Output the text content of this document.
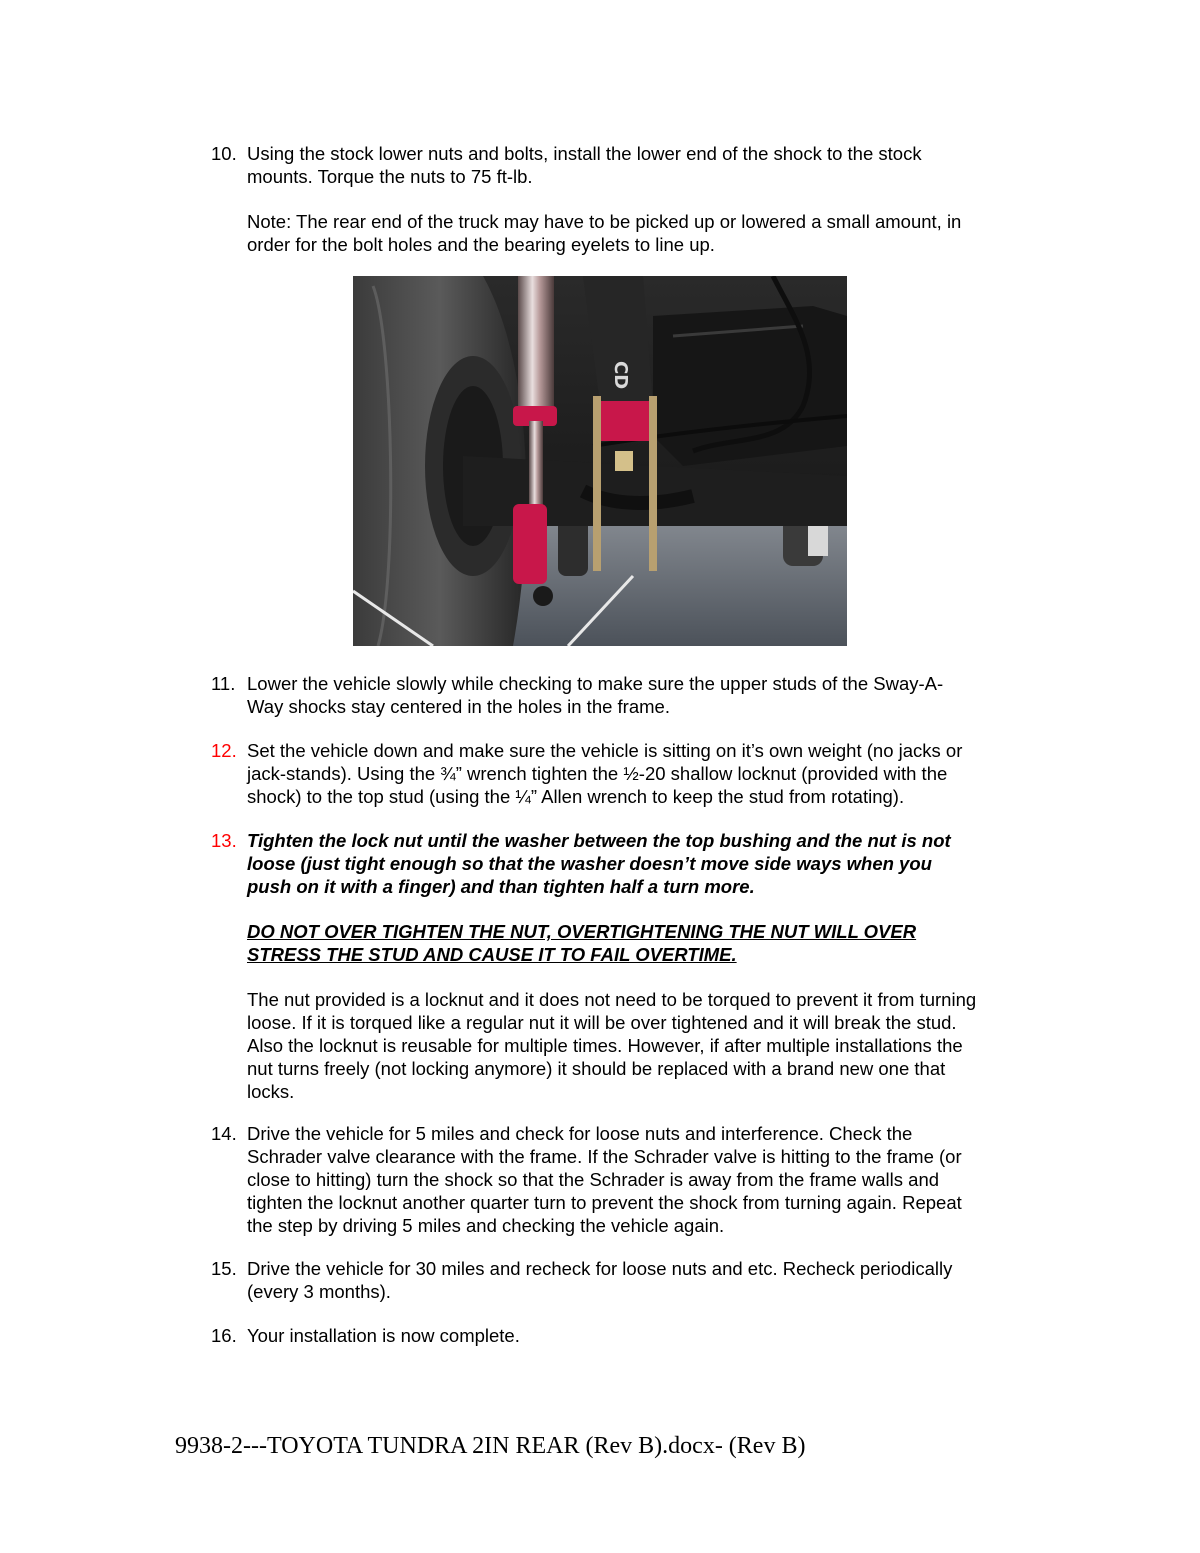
10. Using the stock lower nuts and bolts, install the lower end of the shock to the stock

mounts. Torque the nuts to 75 ft-lb.

Note: The rear end of the truck may have to be picked up or lowered a small amount, in

order for the bolt holes and the bearing eyelets to line up.

CD
11. Lower the vehicle slowly while checking to make sure the upper studs of the Sway-A-

Way shocks stay centered in the holes in the frame.

12. Set the vehicle down and make sure the vehicle is sitting on it’s own weight (no jacks or

jack-stands). Using the ¾” wrench tighten the ½-20 shallow locknut (provided with the

shock) to the top stud (using the ¼” Allen wrench to keep the stud from rotating).

13. Tighten the lock nut until the washer between the top bushing and the nut is not

loose (just tight enough so that the washer doesn’t move side ways when you

push on it with a finger) and than tighten half a turn more.

DO NOT OVER TIGHTEN THE NUT, OVERTIGHTENING THE NUT WILL OVER

STRESS THE STUD AND CAUSE IT TO FAIL OVERTIME.

The nut provided is a locknut and it does not need to be torqued to prevent it from turning

loose. If it is torqued like a regular nut it will be over tightened and it will break the stud.

Also the locknut is reusable for multiple times. However, if after multiple installations the

nut turns freely (not locking anymore) it should be replaced with a brand new one that

locks.

14. Drive the vehicle for 5 miles and check for loose nuts and interference. Check the

Schrader valve clearance with the frame. If the Schrader valve is hitting to the frame (or

close to hitting) turn the shock so that the Schrader is away from the frame walls and

tighten the locknut another quarter turn to prevent the shock from turning again. Repeat

the step by driving 5 miles and checking the vehicle again.

15. Drive the vehicle for 30 miles and recheck for loose nuts and etc. Recheck periodically

(every 3 months).

16. Your installation is now complete.

9938-2---TOYOTA TUNDRA 2IN REAR (Rev B).docx- (Rev B)
